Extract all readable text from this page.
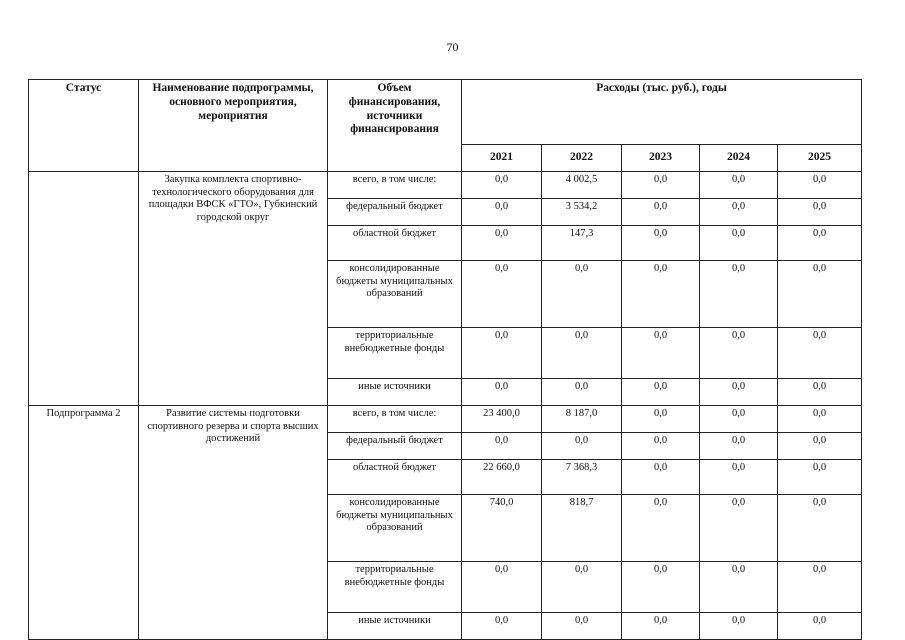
70
Статус	Наименование подпрограммы, основного мероприятия, мероприятия	Объем финансирования, источники финансирования	Расходы (тыс. руб.), годы				
			2021	2022	2023	2024	2025
	Закупка комплекта спортивно-технологического оборудования для площадки ВФСК «ГТО», Губкинский городской округ	всего, в том числе:	0,0	4 002,5	0,0	0,0	0,0
		федеральный бюджет	0,0	3 534,2	0,0	0,0	0,0
		областной бюджет	0,0	147,3	0,0	0,0	0,0
		консолидированные бюджеты муниципальных образований	0,0	0,0	0,0	0,0	0,0
		территориальные внебюджетные фонды	0,0	0,0	0,0	0,0	0,0
		иные источники	0,0	0,0	0,0	0,0	0,0
Подпрограмма 2	Развитие системы подготовки спортивного резерва и спорта высших достижений	всего, в том числе:	23 400,0	8 187,0	0,0	0,0	0,0
		федеральный бюджет	0,0	0,0	0,0	0,0	0,0
		областной бюджет	22 660,0	7 368,3	0,0	0,0	0,0
		консолидированные бюджеты муниципальных образований	740,0	818,7	0,0	0,0	0,0
		территориальные внебюджетные фонды	0,0	0,0	0,0	0,0	0,0
		иные источники	0,0	0,0	0,0	0,0	0,0
